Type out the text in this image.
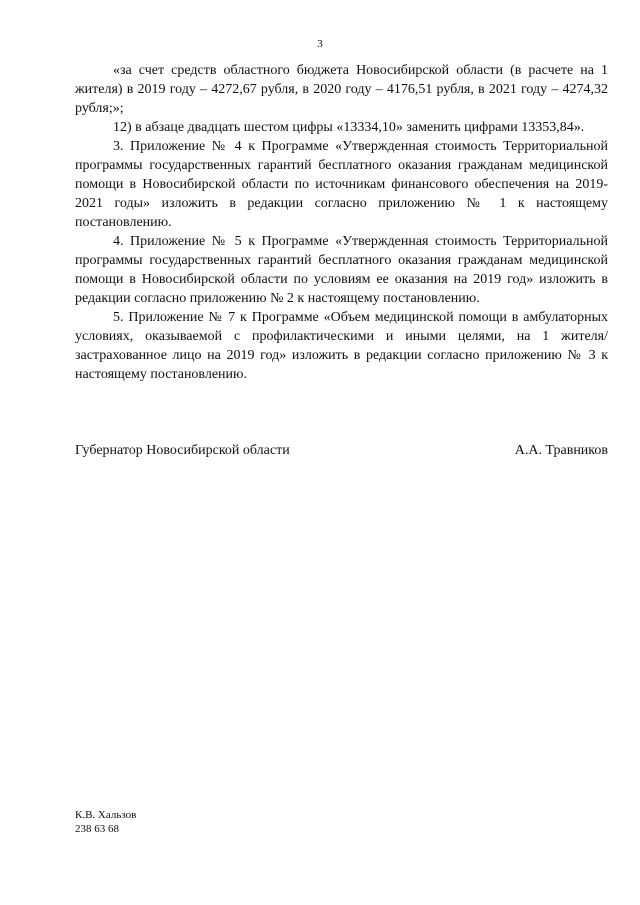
3

«за счет средств областного бюджета Новосибирской области (в расчете на 1 жителя) в 2019 году – 4272,67 рубля, в 2020 году – 4176,51 рубля, в 2021 году – 4274,32 рубля;»;

12) в абзаце двадцать шестом цифры «13334,10» заменить цифрами 13353,84».

3. Приложение № 4 к Программе «Утвержденная стоимость Территориальной программы государственных гарантий бесплатного оказания гражданам медицинской помощи в Новосибирской области по источникам финансового обеспечения на 2019-2021 годы» изложить в редакции согласно приложению № 1 к настоящему постановлению.

4. Приложение № 5 к Программе «Утвержденная стоимость Территориальной программы государственных гарантий бесплатного оказания гражданам медицинской помощи в Новосибирской области по условиям ее оказания на 2019 год» изложить в редакции согласно приложению № 2 к настоящему постановлению.

5. Приложение № 7 к Программе «Объем медицинской помощи в амбулаторных условиях, оказываемой с профилактическими и иными целями, на 1 жителя/застрахованное лицо на 2019 год» изложить в редакции согласно приложению № 3 к настоящему постановлению.

Губернатор Новосибирской области	А.А. Травников
К.В. Хальзов
238 63 68
